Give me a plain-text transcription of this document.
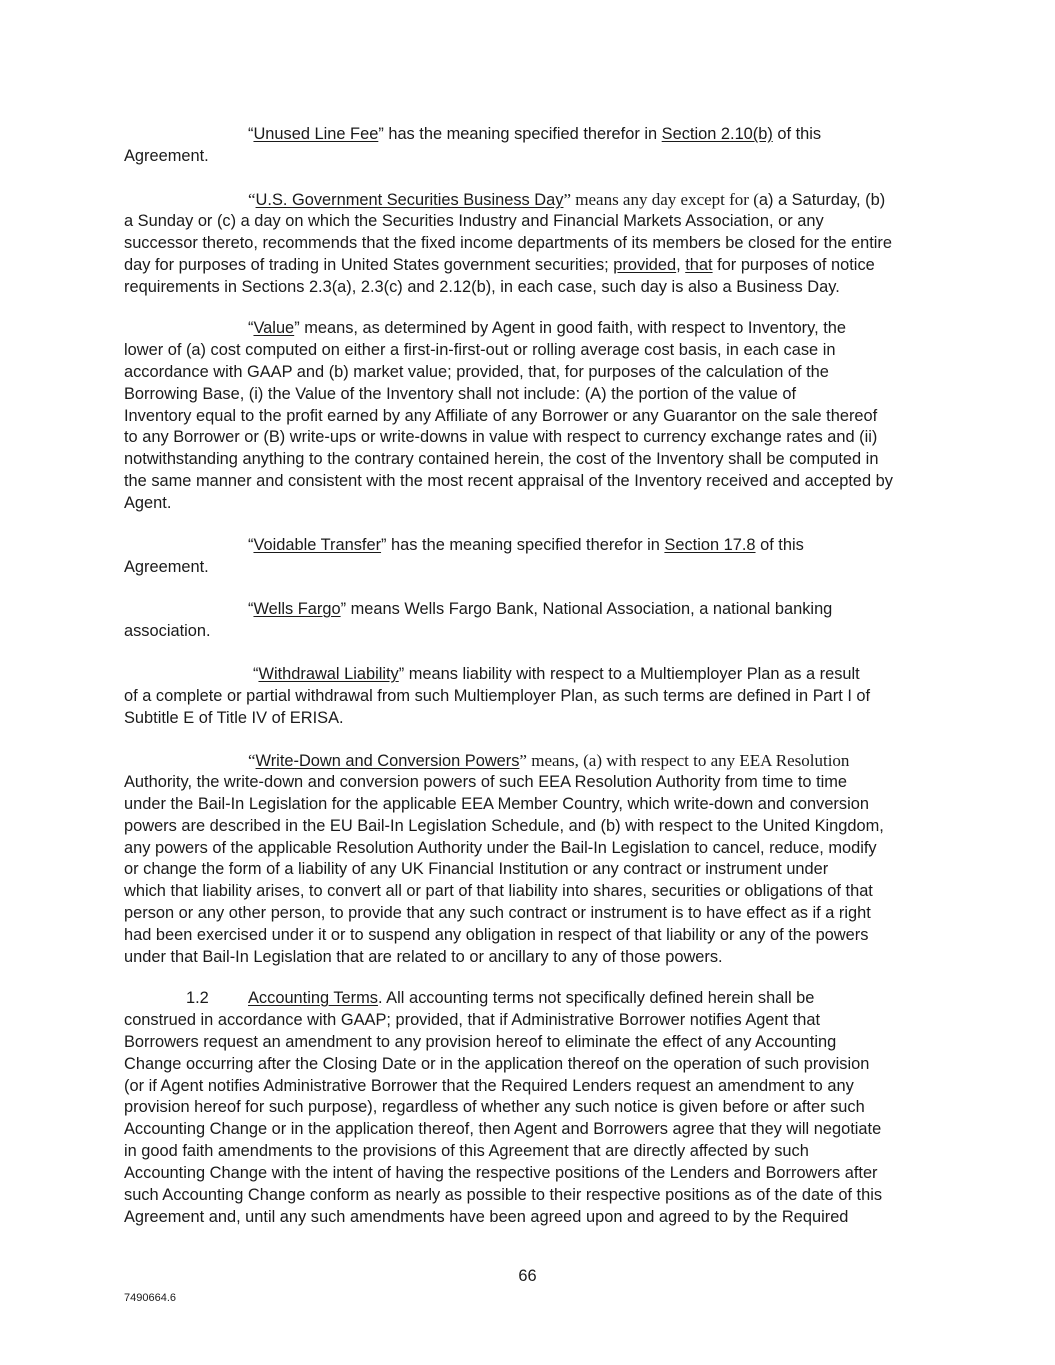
“Unused Line Fee” has the meaning specified therefor in Section 2.10(b) of this
Agreement.
“U.S. Government Securities Business Day” means any day except for (a) a Saturday, (b)
a Sunday or (c) a day on which the Securities Industry and Financial Markets Association, or any
successor thereto, recommends that the fixed income departments of its members be closed for the entire
day for purposes of trading in United States government securities; provided, that for purposes of notice
requirements in Sections 2.3(a), 2.3(c) and 2.12(b), in each case, such day is also a Business Day.
“Value” means, as determined by Agent in good faith, with respect to Inventory, the
lower of (a) cost computed on either a first-in-first-out or rolling average cost basis, in each case in
accordance with GAAP and (b) market value; provided, that, for purposes of the calculation of the
Borrowing Base, (i) the Value of the Inventory shall not include: (A) the portion of the value of
Inventory equal to the profit earned by any Affiliate of any Borrower or any Guarantor on the sale thereof
to any Borrower or (B) write-ups or write-downs in value with respect to currency exchange rates and (ii)
notwithstanding anything to the contrary contained herein, the cost of the Inventory shall be computed in
the same manner and consistent with the most recent appraisal of the Inventory received and accepted by
Agent.
“Voidable Transfer” has the meaning specified therefor in Section 17.8 of this
Agreement.
“Wells Fargo” means Wells Fargo Bank, National Association, a national banking
association.
“Withdrawal Liability” means liability with respect to a Multiemployer Plan as a result
of a complete or partial withdrawal from such Multiemployer Plan, as such terms are defined in Part I of
Subtitle E of Title IV of ERISA.
“Write-Down and Conversion Powers” means, (a) with respect to any EEA Resolution
Authority, the write-down and conversion powers of such EEA Resolution Authority from time to time
under the Bail-In Legislation for the applicable EEA Member Country, which write-down and conversion
powers are described in the EU Bail-In Legislation Schedule, and (b) with respect to the United Kingdom,
any powers of the applicable Resolution Authority under the Bail-In Legislation to cancel, reduce, modify
or change the form of a liability of any UK Financial Institution or any contract or instrument under
which that liability arises, to convert all or part of that liability into shares, securities or obligations of that
person or any other person, to provide that any such contract or instrument is to have effect as if a right
had been exercised under it or to suspend any obligation in respect of that liability or any of the powers
under that Bail-In Legislation that are related to or ancillary to any of those powers.
1.2 Accounting Terms. All accounting terms not specifically defined herein shall be
construed in accordance with GAAP; provided, that if Administrative Borrower notifies Agent that
Borrowers request an amendment to any provision hereof to eliminate the effect of any Accounting
Change occurring after the Closing Date or in the application thereof on the operation of such provision
(or if Agent notifies Administrative Borrower that the Required Lenders request an amendment to any
provision hereof for such purpose), regardless of whether any such notice is given before or after such
Accounting Change or in the application thereof, then Agent and Borrowers agree that they will negotiate
in good faith amendments to the provisions of this Agreement that are directly affected by such
Accounting Change with the intent of having the respective positions of the Lenders and Borrowers after
such Accounting Change conform as nearly as possible to their respective positions as of the date of this
Agreement and, until any such amendments have been agreed upon and agreed to by the Required
66
7490664.6
